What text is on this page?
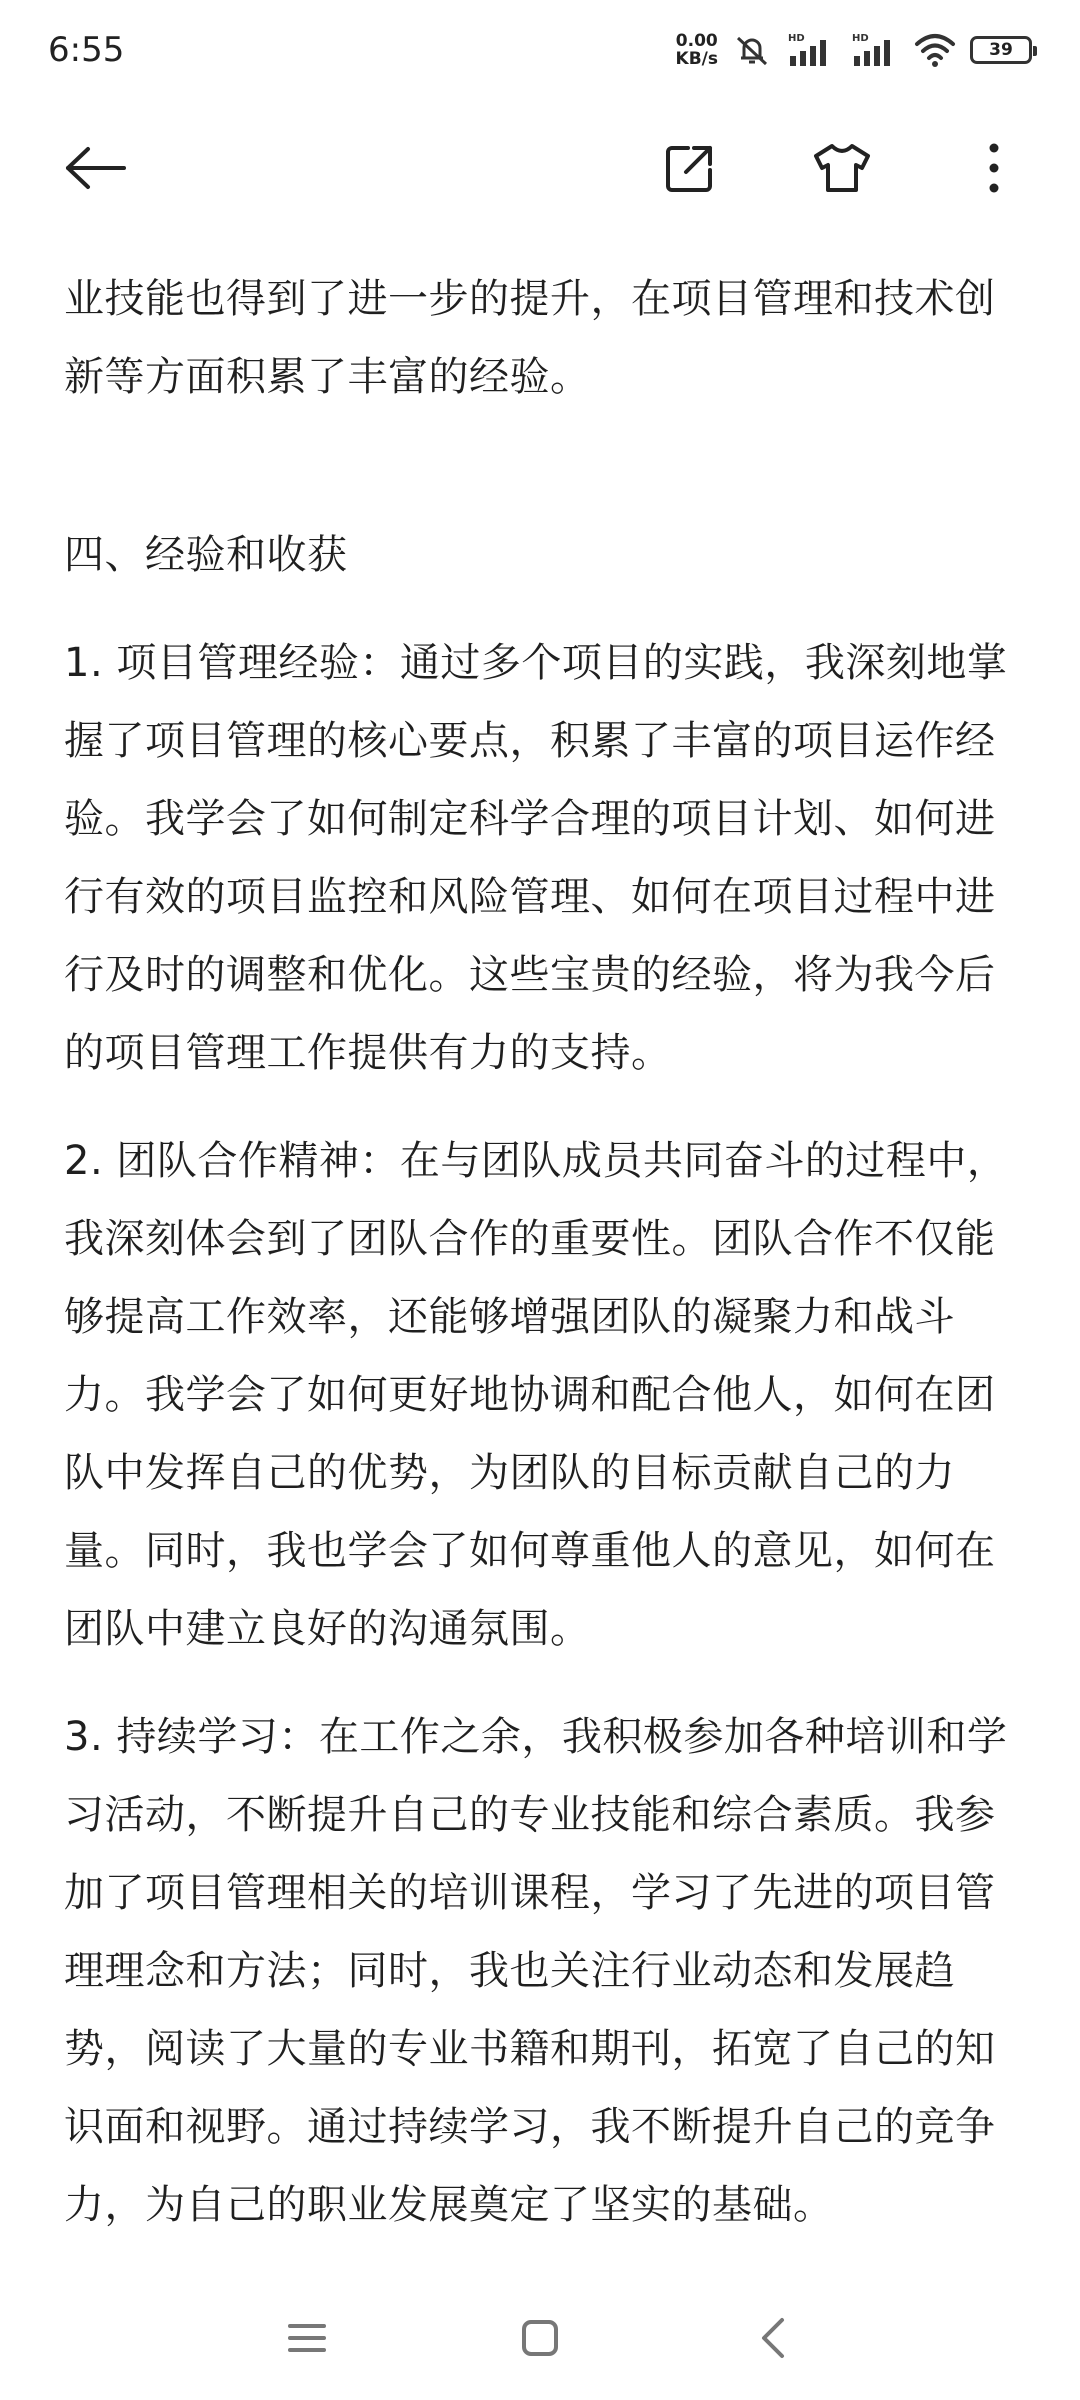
6:55	0.00
KB/s
HD	HD
39

业技能也得到了进一步的提升，在项目管理和技术创新等方面积累了丰富的经验。

四、经验和收获

1. 项目管理经验：通过多个项目的实践，我深刻地掌握了项目管理的核心要点，积累了丰富的项目运作经验。我学会了如何制定科学合理的项目计划、如何进行有效的项目监控和风险管理、如何在项目过程中进行及时的调整和优化。这些宝贵的经验，将为我今后的项目管理工作提供有力的支持。

2. 团队合作精神：在与团队成员共同奋斗的过程中，我深刻体会到了团队合作的重要性。团队合作不仅能够提高工作效率，还能够增强团队的凝聚力和战斗力。我学会了如何更好地协调和配合他人，如何在团队中发挥自己的优势，为团队的目标贡献自己的力量。同时，我也学会了如何尊重他人的意见，如何在团队中建立良好的沟通氛围。

3. 持续学习：在工作之余，我积极参加各种培训和学习活动，不断提升自己的专业技能和综合素质。我参加了项目管理相关的培训课程，学习了先进的项目管理理念和方法；同时，我也关注行业动态和发展趋势，阅读了大量的专业书籍和期刊，拓宽了自己的知识面和视野。通过持续学习，我不断提升自己的竞争力，为自己的职业发展奠定了坚实的基础。
